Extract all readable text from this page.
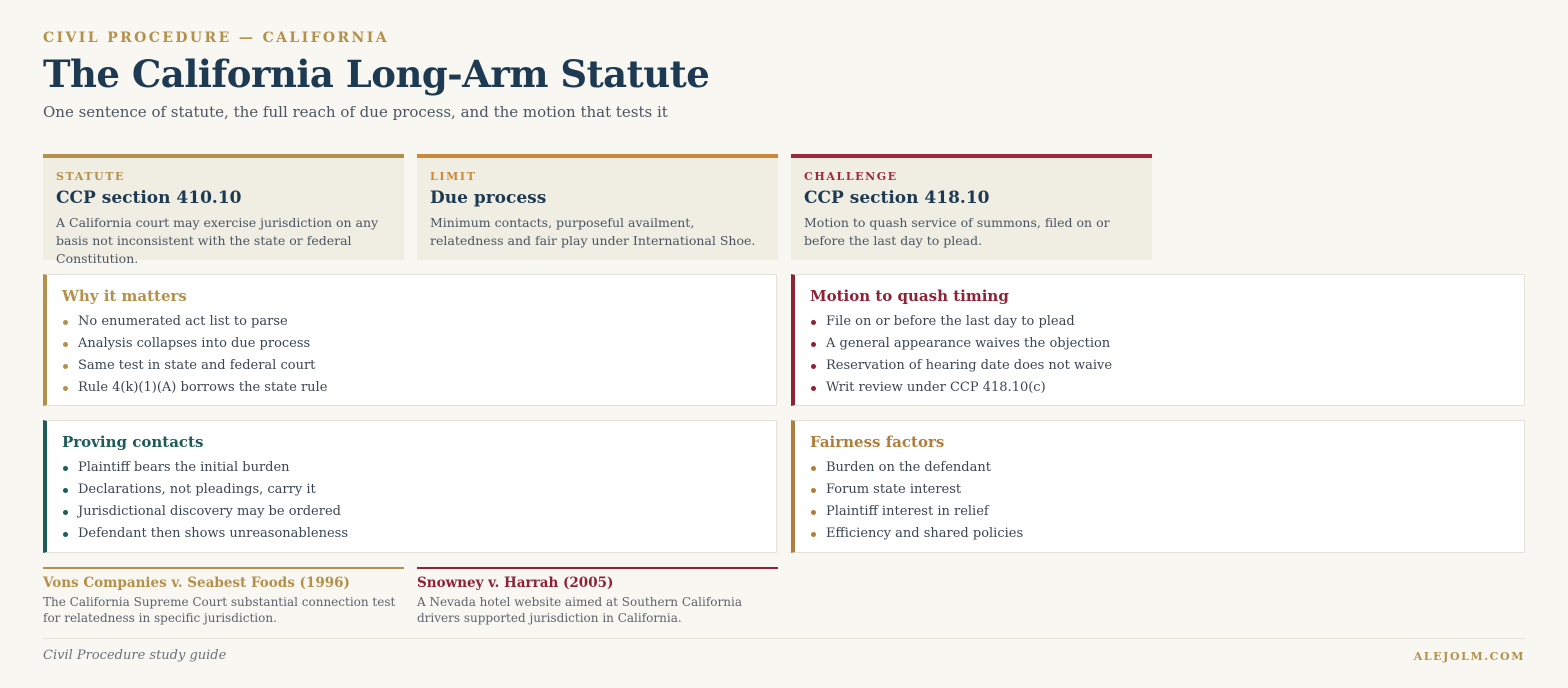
CIVIL PROCEDURE — CALIFORNIA
The California Long-Arm Statute

One sentence of statute, the full reach of due process, and the motion that tests it

STATUTE
CCP section 410.10
A California court may exercise jurisdiction on any basis not inconsistent with the state or federal Constitution.
LIMIT
Due process
Minimum contacts, purposeful availment, relatedness and fair play under International Shoe.
CHALLENGE
CCP section 418.10
Motion to quash service of summons, filed on or before the last day to plead.
Why it matters
No enumerated act list to parse
Analysis collapses into due process
Same test in state and federal court
Rule 4(k)(1)(A) borrows the state rule
Motion to quash timing
File on or before the last day to plead
A general appearance waives the objection
Reservation of hearing date does not waive
Writ review under CCP 418.10(c)
Proving contacts
Plaintiff bears the initial burden
Declarations, not pleadings, carry it
Jurisdictional discovery may be ordered
Defendant then shows unreasonableness
Fairness factors
Burden on the defendant
Forum state interest
Plaintiff interest in relief
Efficiency and shared policies
Vons Companies v. Seabest Foods (1996)
The California Supreme Court substantial connection test for relatedness in specific jurisdiction.
Snowney v. Harrah (2005)
A Nevada hotel website aimed at Southern California drivers supported jurisdiction in California.
Civil Procedure study guide	ALEJOLM.COM
